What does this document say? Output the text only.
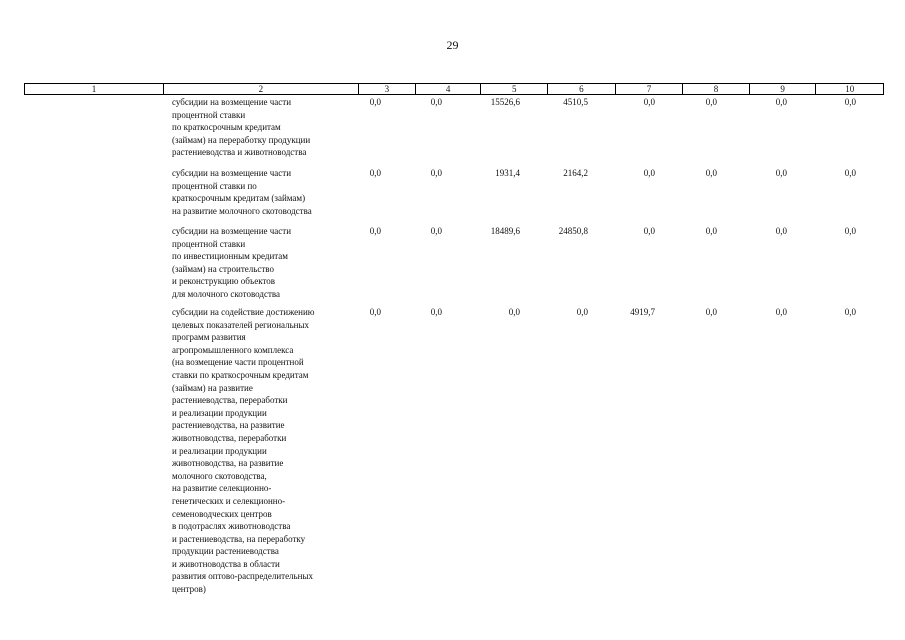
29
1	2	3	4	5	6	7	8	9	10
субсидии на возмещение части
процентной ставки
по краткосрочным кредитам
(займам) на переработку продукции
растениеводства и животноводства
0,0	0,0	15526,6	4510,5	0,0	0,0	0,0	0,0
субсидии на возмещение части
процентной ставки по
краткосрочным кредитам (займам)
на развитие молочного скотоводства
0,0	0,0	1931,4	2164,2	0,0	0,0	0,0	0,0
субсидии на возмещение части
процентной ставки
по инвестиционным кредитам
(займам) на строительство
и реконструкцию объектов
для молочного скотоводства
0,0	0,0	18489,6	24850,8	0,0	0,0	0,0	0,0
субсидии на содействие достижению
целевых показателей региональных
программ развития
агропромышленного комплекса
(на возмещение части процентной
ставки по краткосрочным кредитам
(займам) на развитие
растениеводства, переработки
и реализации продукции
растениеводства, на развитие
животноводства, переработки
и реализации продукции
животноводства, на развитие
молочного скотоводства,
на развитие селекционно-
генетических и селекционно-
семеноводческих центров
в подотраслях животноводства
и растениеводства, на переработку
продукции растениеводства
и животноводства в области
развития оптово-распределительных
центров)
0,0	0,0	0,0	0,0	4919,7	0,0	0,0	0,0
